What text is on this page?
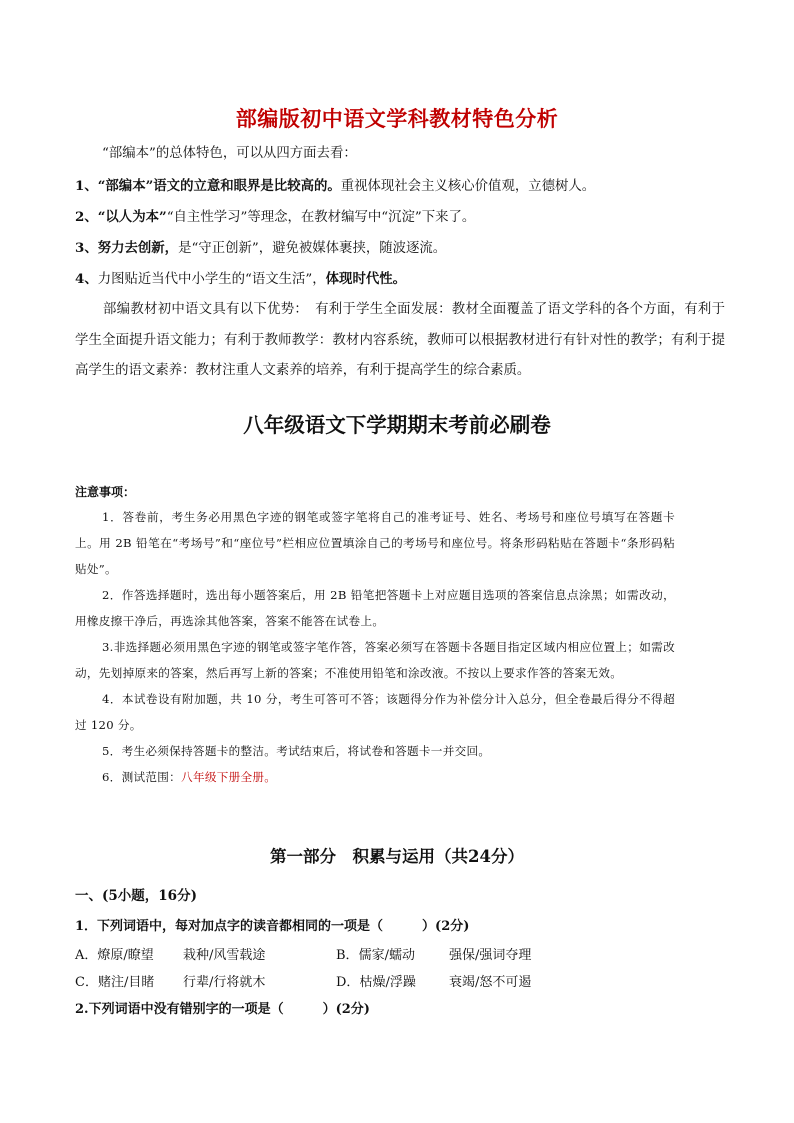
部编版初中语文学科教材特色分析
“部编本”的总体特色，可以从四方面去看：
1、“部编本”语文的立意和眼界是比较高的。重视体现社会主义核心价值观，立德树人。
2、“以人为本”“自主性学习”等理念，在教材编写中“沉淀”下来了。
3、努力去创新，是“守正创新”，避免被媒体裹挟，随波逐流。
4、力图贴近当代中小学生的“语文生活”，体现时代性。
部编教材初中语文具有以下优势：　有利于学生全面发展：教材全面覆盖了语文学科的各个方面，有利于学生全面提升语文能力；有利于教师教学：教材内容系统，教师可以根据教材进行有针对性的教学；有利于提高学生的语文素养：教材注重人文素养的培养，有利于提高学生的综合素质。
八年级语文下学期期末考前必刷卷
注意事项：

1．答卷前，考生务必用黑色字迹的钢笔或签字笔将自己的准考证号、姓名、考场号和座位号填写在答题卡上。用 2B 铅笔在“考场号”和“座位号”栏相应位置填涂自己的考场号和座位号。将条形码粘贴在答题卡“条形码粘贴处”。

2．作答选择题时，选出每小题答案后，用 2B 铅笔把答题卡上对应题目选项的答案信息点涂黑；如需改动，用橡皮擦干净后，再选涂其他答案，答案不能答在试卷上。

3.非选择题必须用黑色字迹的钢笔或签字笔作答，答案必须写在答题卡各题目指定区域内相应位置上；如需改动，先划掉原来的答案，然后再写上新的答案；不准使用铅笔和涂改液。不按以上要求作答的答案无效。

4．本试卷设有附加题，共 10 分，考生可答可不答；该题得分作为补偿分计入总分，但全卷最后得分不得超过 120 分。

5．考生必须保持答题卡的整洁。考试结束后，将试卷和答题卡一并交回。

6．测试范围：八年级下册全册。

第一部分　积累与运用（共24分）
一、(5小题，16分)
1．下列词语中，每对加点字的读音都相同的一项是（　　　）(2分)
A．燎原/瞭望 栽种/风雪载途	B．儒家/蠕动	强保/强词夺理
C．赌注/目睹 行辈/行将就木	D．枯燥/浮躁	衰竭/怒不可遏
2.下列词语中没有错别字的一项是（　　　）(2分)
